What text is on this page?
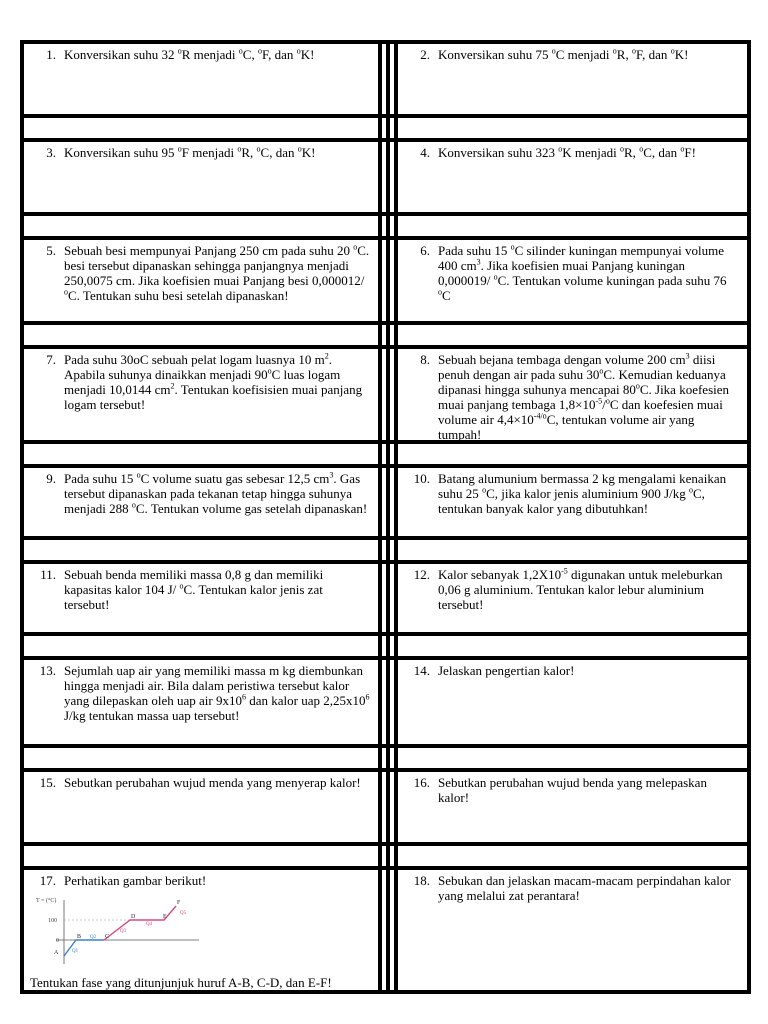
1. Konversikan suhu 32 $^o$R menjadi $^o$C, $^o$F, dan $^o$K!	2. Konversikan suhu 75 $^o$C menjadi $^o$R, $^o$F, dan $^o$K!
3. Konversikan suhu 95 $^o$F menjadi $^o$R, $^o$C, dan $^o$K!	4. Konversikan suhu 323 $^o$K menjadi $^o$R, $^o$C, dan $^o$F!
5. Sebuah besi mempunyai Panjang 250 cm pada suhu 20 $^o$C. besi tersebut dipanaskan sehingga panjangnya menjadi 250,0075 cm. Jika koefisien muai Panjang besi 0,000012/ $^o$C. Tentukan suhu besi setelah dipanaskan!
6. Pada suhu 15 $^o$C silinder kuningan mempunyai volume 400 $cm^3$. Jika koefisien muai Panjang kuningan 0,000019/ $^o$C. Tentukan volume kuningan pada suhu 76 $^o$C
7. Pada suhu 30oC sebuah pelat logam luasnya 10 $m^2$. Apabila suhunya dinaikkan menjadi 90$^o$C luas logam menjadi 10,0144 $cm^2$. Tentukan koefisisien muai panjang logam tersebut!
8. Sebuah bejana tembaga dengan volume 200 $cm^3$ diisi penuh dengan air pada suhu 30$^o$C. Kemudian keduanya dipanasi hingga suhunya mencapai 80$^o$C. Jika koefesien muai panjang tembaga $1,8\times 10^{-5}/^oC$ dan koefesien muai volume air $4,4\times 10^{-4/o}C$, tentukan volume air yang tumpah!
9. Pada suhu 15 $^o$C volume suatu gas sebesar 12,5 $cm^3$. Gas tersebut dipanaskan pada tekanan tetap hingga suhunya menjadi 288 $^o$C. Tentukan volume gas setelah dipanaskan!
10. Batang alumunium bermassa 2 kg mengalami kenaikan suhu 25 $^o$C, jika kalor jenis aluminium 900 J/kg $^o$C, tentukan banyak kalor yang dibutuhkan!
11. Sebuah benda memiliki massa 0,8 g dan memiliki kapasitas kalor 104 J/ $^o$C. Tentukan kalor jenis zat tersebut!
12. Kalor sebanyak $1,2X10^{-5}$ digunakan untuk meleburkan 0,06 g aluminium. Tentukan kalor lebur aluminium tersebut!
13. Sejumlah uap air yang memiliki massa m kg diembunkan hingga menjadi air. Bila dalam peristiwa tersebut kalor yang dilepaskan oleh uap air $9x10^6$ dan kalor uap $2,25x10^6$ J/kg tentukan massa uap tersebut!
14. Jelaskan pengertian kalor!
15. Sebutkan perubahan wujud menda yang menyerap kalor!	16. Sebutkan perubahan wujud benda yang melepaskan kalor!
17. Perhatikan gambar berikut!
T = (°C)
100
0
A
B	C
D	E
F
Q1
Q2
Q3
Q4
Q5
Tentukan fase yang ditunjunjuk huruf A-B, C-D, dan E-F!
18. Sebukan dan jelaskan macam-macam perpindahan kalor yang melalui zat perantara!
